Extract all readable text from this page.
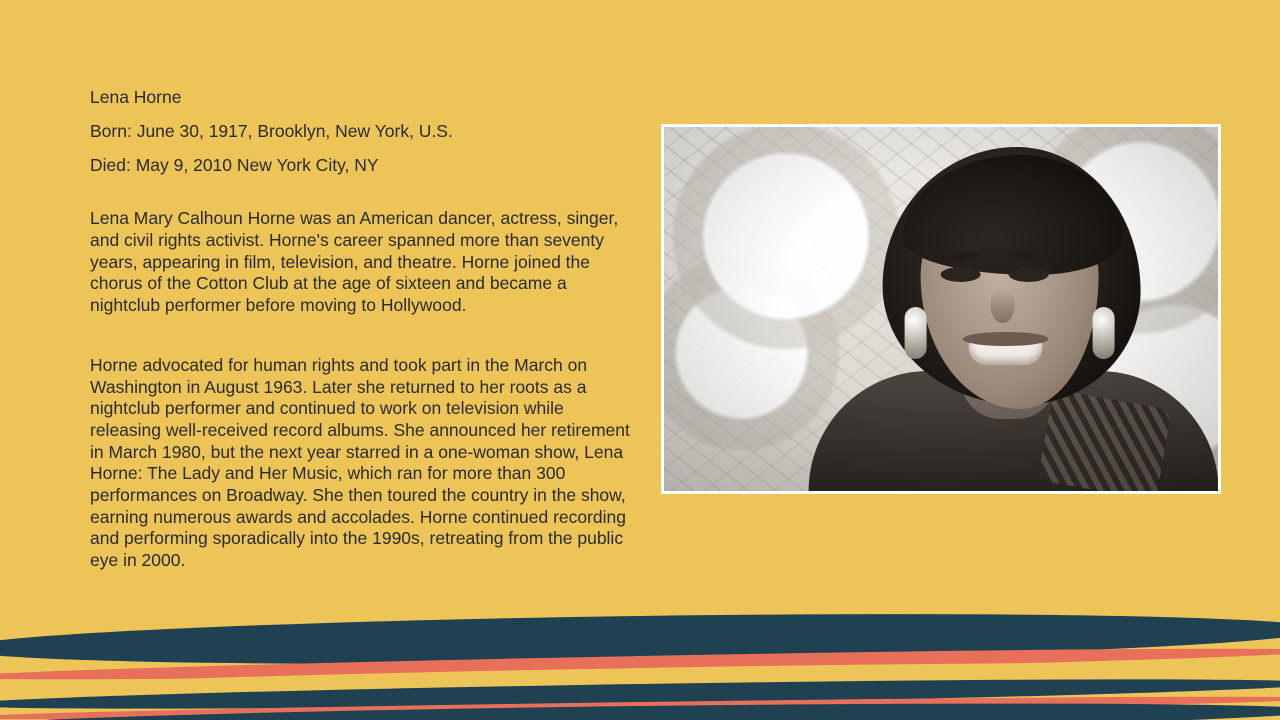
Lena Horne
Born: June 30, 1917, Brooklyn, New York, U.S.
Died: May 9, 2010 New York City, NY
Lena Mary Calhoun Horne was an American dancer, actress, singer, and civil rights activist. Horne's career spanned more than seventy years, appearing in film, television, and theatre. Horne joined the chorus of the Cotton Club at the age of sixteen and became a nightclub performer before moving to Hollywood.
Horne advocated for human rights and took part in the March on Washington in August 1963. Later she returned to her roots as a nightclub performer and continued to work on television while releasing well-received record albums. She announced her retirement in March 1980, but the next year starred in a one-woman show, Lena Horne: The Lady and Her Music, which ran for more than 300 performances on Broadway. She then toured the country in the show, earning numerous awards and accolades. Horne continued recording and performing sporadically into the 1990s, retreating from the public eye in 2000.
